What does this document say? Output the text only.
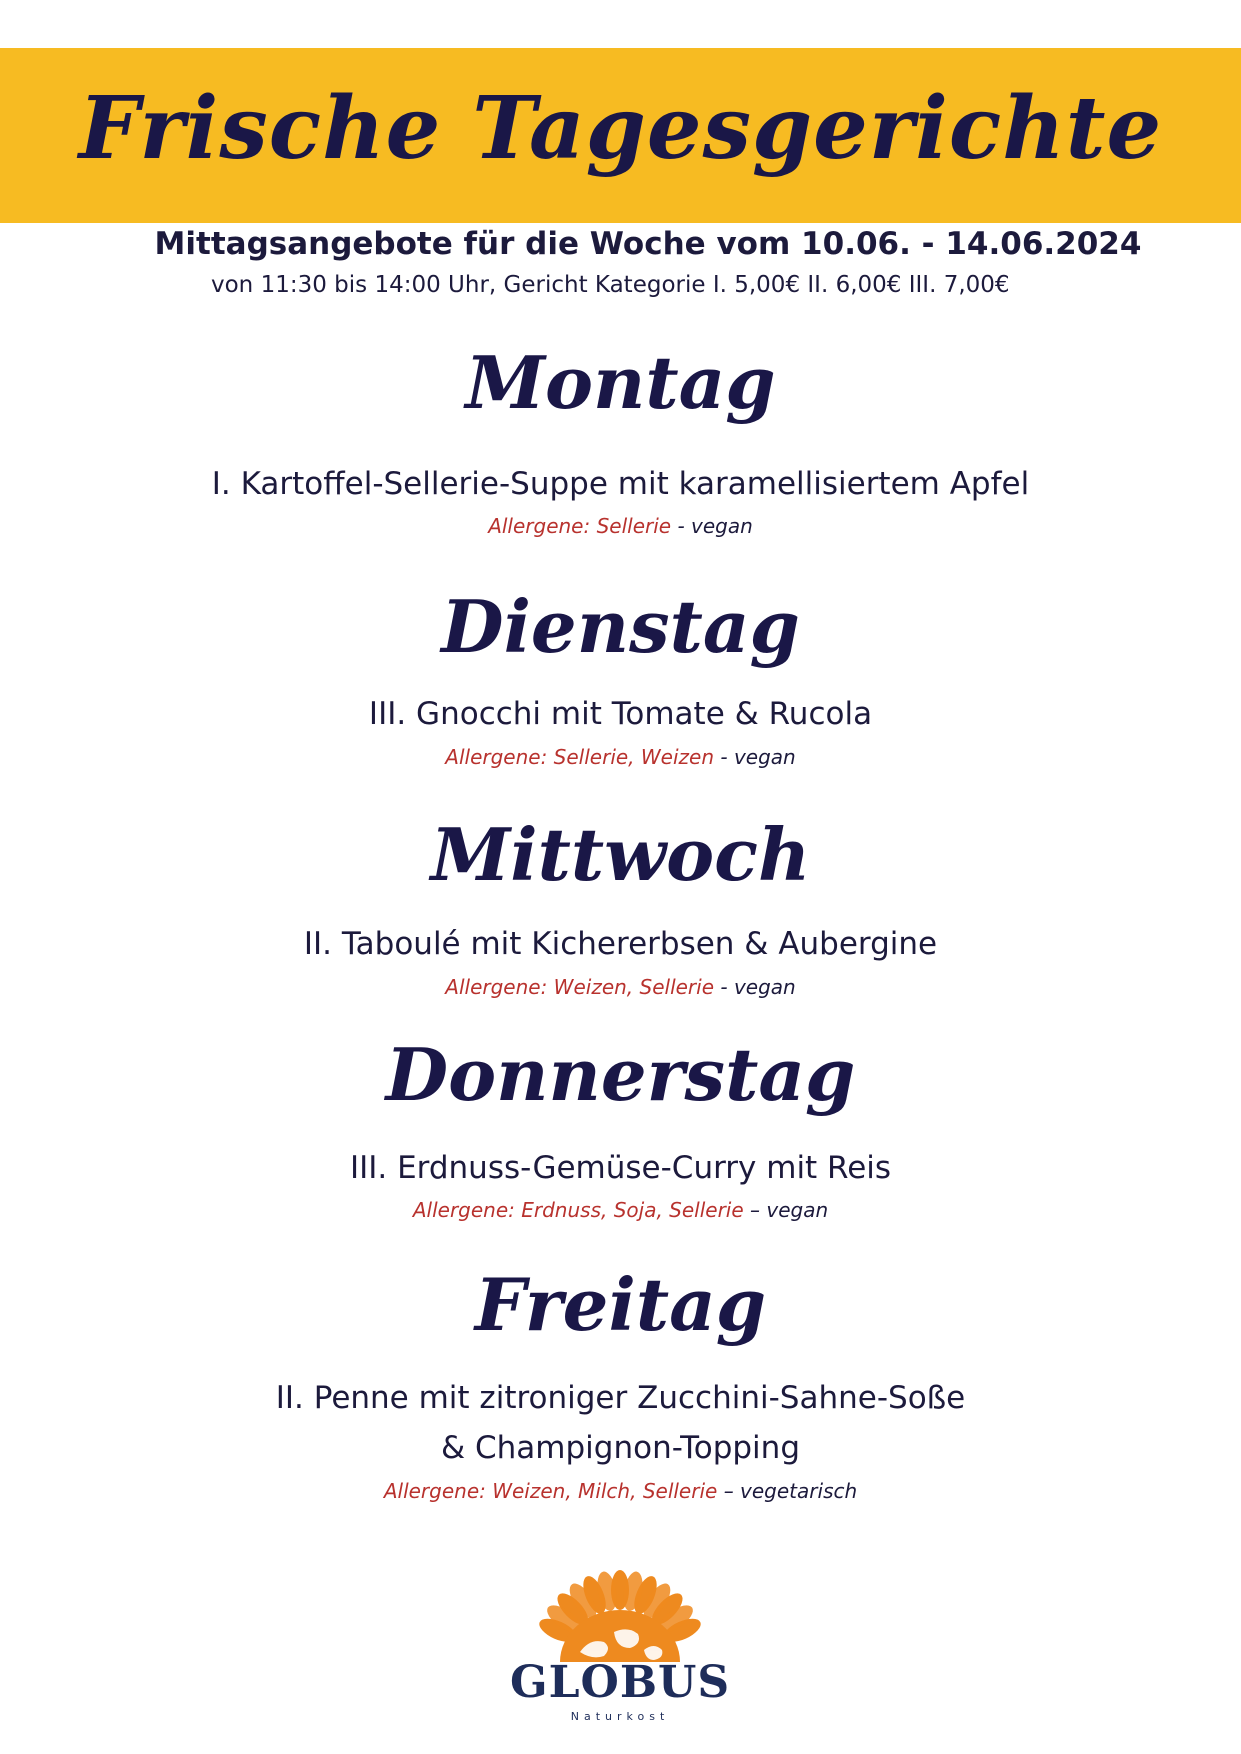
Frische Tagesgerichte
Mittagsangebote für die Woche vom 10.06. - 14.06.2024
von 11:30 bis 14:00 Uhr, Gericht Kategorie I. 5,00€ II. 6,00€ III. 7,00€
Montag
I. Kartoffel-Sellerie-Suppe mit karamellisiertem Apfel
Allergene: Sellerie - vegan
Dienstag
III. Gnocchi mit Tomate & Rucola
Allergene: Sellerie, Weizen - vegan
Mittwoch
II. Taboulé mit Kichererbsen & Aubergine
Allergene: Weizen, Sellerie - vegan
Donnerstag
III. Erdnuss-Gemüse-Curry mit Reis
Allergene: Erdnuss, Soja, Sellerie – vegan
Freitag
II. Penne mit zitroniger Zucchini-Sahne-Soße
& Champignon-Topping
Allergene: Weizen, Milch, Sellerie – vegetarisch
GLOBUS
Naturkost
